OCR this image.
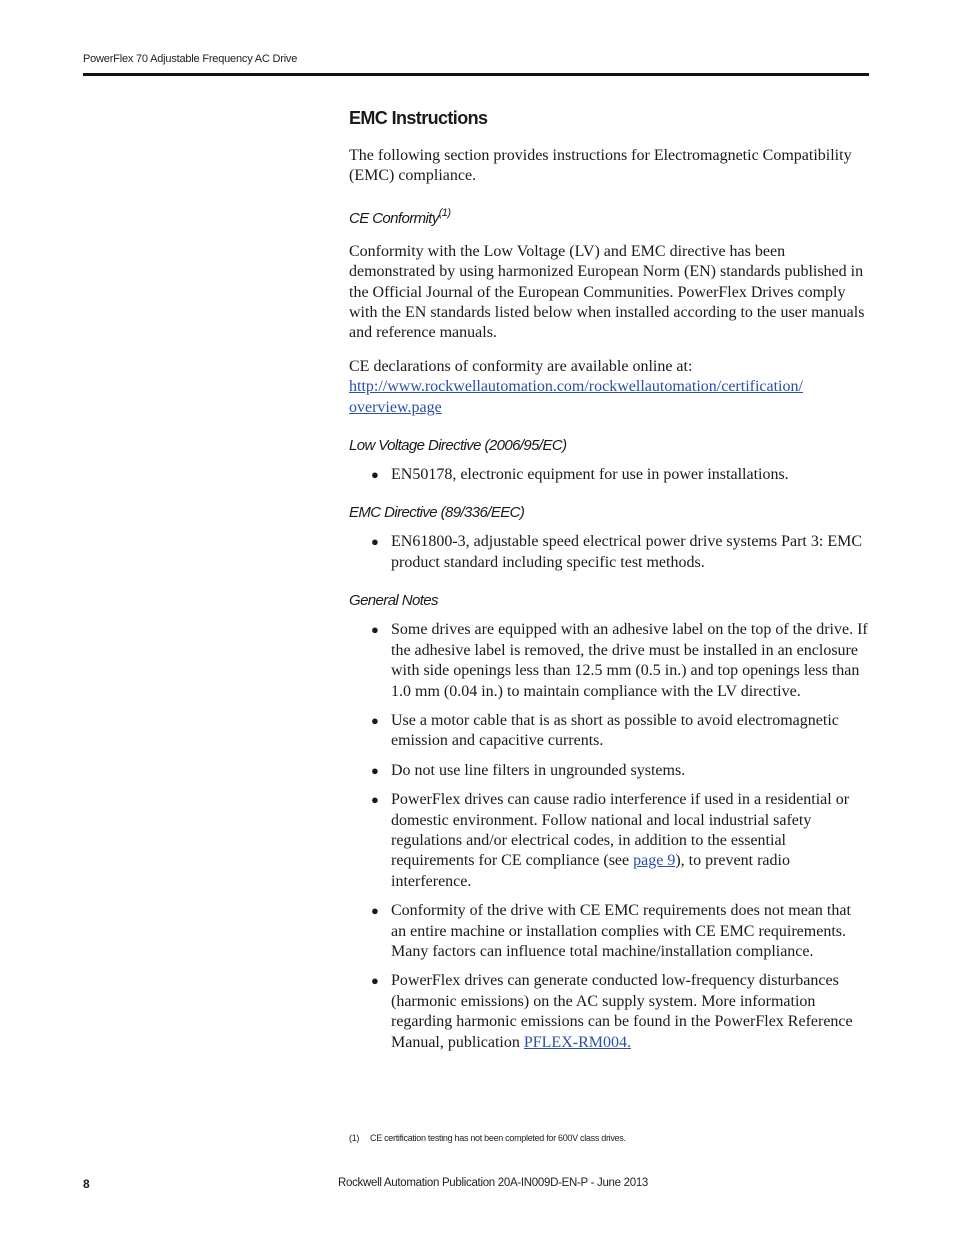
PowerFlex 70 Adjustable Frequency AC Drive
EMC Instructions

The following section provides instructions for Electromagnetic Compatibility (EMC) compliance.

CE Conformity$^{(1)}$

Conformity with the Low Voltage (LV) and EMC directive has been demonstrated by using harmonized European Norm (EN) standards published in the Official Journal of the European Communities. PowerFlex Drives comply with the EN standards listed below when installed according to the user manuals and reference manuals.

CE declarations of conformity are available online at:
http://www.rockwellautomation.com/rockwellautomation/certification/
overview.page

Low Voltage Directive (2006/95/EC)
● EN50178, electronic equipment for use in power installations.
EMC Directive (89/336/EEC)
● EN61800-3, adjustable speed electrical power drive systems Part 3: EMC product standard including specific test methods.
General Notes
● Some drives are equipped with an adhesive label on the top of the drive. If the adhesive label is removed, the drive must be installed in an enclosure with side openings less than 12.5 mm (0.5 in.) and top openings less than 1.0 mm (0.04 in.) to maintain compliance with the LV directive.
● Use a motor cable that is as short as possible to avoid electromagnetic emission and capacitive currents.
● Do not use line filters in ungrounded systems.
● PowerFlex drives can cause radio interference if used in a residential or domestic environment. Follow national and local industrial safety regulations and/or electrical codes, in addition to the essential requirements for CE compliance (see page 9), to prevent radio interference.
● Conformity of the drive with CE EMC requirements does not mean that an entire machine or installation complies with CE EMC requirements. Many factors can influence total machine/installation compliance.
● PowerFlex drives can generate conducted low-frequency disturbances (harmonic emissions) on the AC supply system. More information regarding harmonic emissions can be found in the PowerFlex Reference Manual, publication PFLEX-RM004.
(1) CE certification testing has not been completed for 600V class drives.
8	Rockwell Automation Publication 20A-IN009D-EN-P - June 2013
